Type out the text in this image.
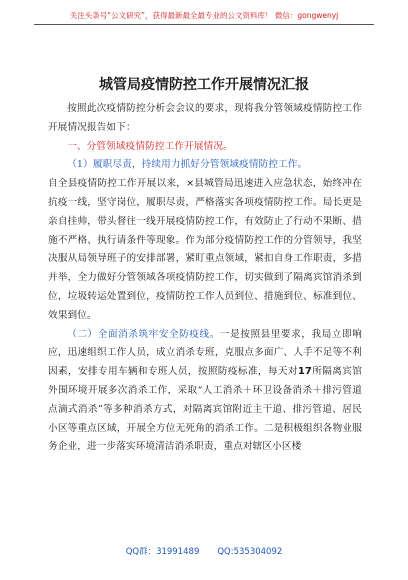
关注头条号“公文研究”，获得最新最全最专业的公文资料库！ 微信：gongwenyj
城管局疫情防控工作开展情况汇报

按照此次疫情防控分析会会议的要求，现将我分管领域疫情防控工作开展情况报告如下：

一、分管领域疫情防控工作开展情况。

（1）履职尽责，持续用力抓好分管领域疫情防控工作。

自全县疫情防控工作开展以来，×县城管局迅速进入应急状态，始终冲在抗疫一线，坚守岗位，履职尽责，严格落实各项疫情防控工作。局长更是亲自挂帅，带头督往一线开展疫情防控工作，有效防止了行动不果断、措施不严格、执行请条件等现象。作为部分疫情防控工作的分管领导，我坚决服从局领导班子的安排部署，紧盯重点领域，紧扣自身工作职责，多措并举，全力做好分管领域各项疫情防控工作，切实做到了隔离宾馆消杀到位，垃圾转运处置到位，疫情防控工作人员到位、措施到位、标准到位、效果到位。

（二）全面消杀筑牢安全防疫线。一是按照县里要求，我局立即响应，迅速组织工作人员，成立消杀专班，克服点多面广、人手不足等不利因素，安排专用车辆和专班人员，按照防疫标准，每天对17所隔离宾馆外围环境开展多次消杀工作，采取“人工消杀＋环卫设备消杀＋排污管道点滴式消杀”等多种消杀方式，对隔离宾馆附近主干道、排污管道、居民小区等重点区域，开展全方位无死角的消杀工作。二是积极组织各物业服务企业，进一步落实环境清洁消杀职责，重点对辖区小区楼

QQ群：31991489 QQ:535304092
